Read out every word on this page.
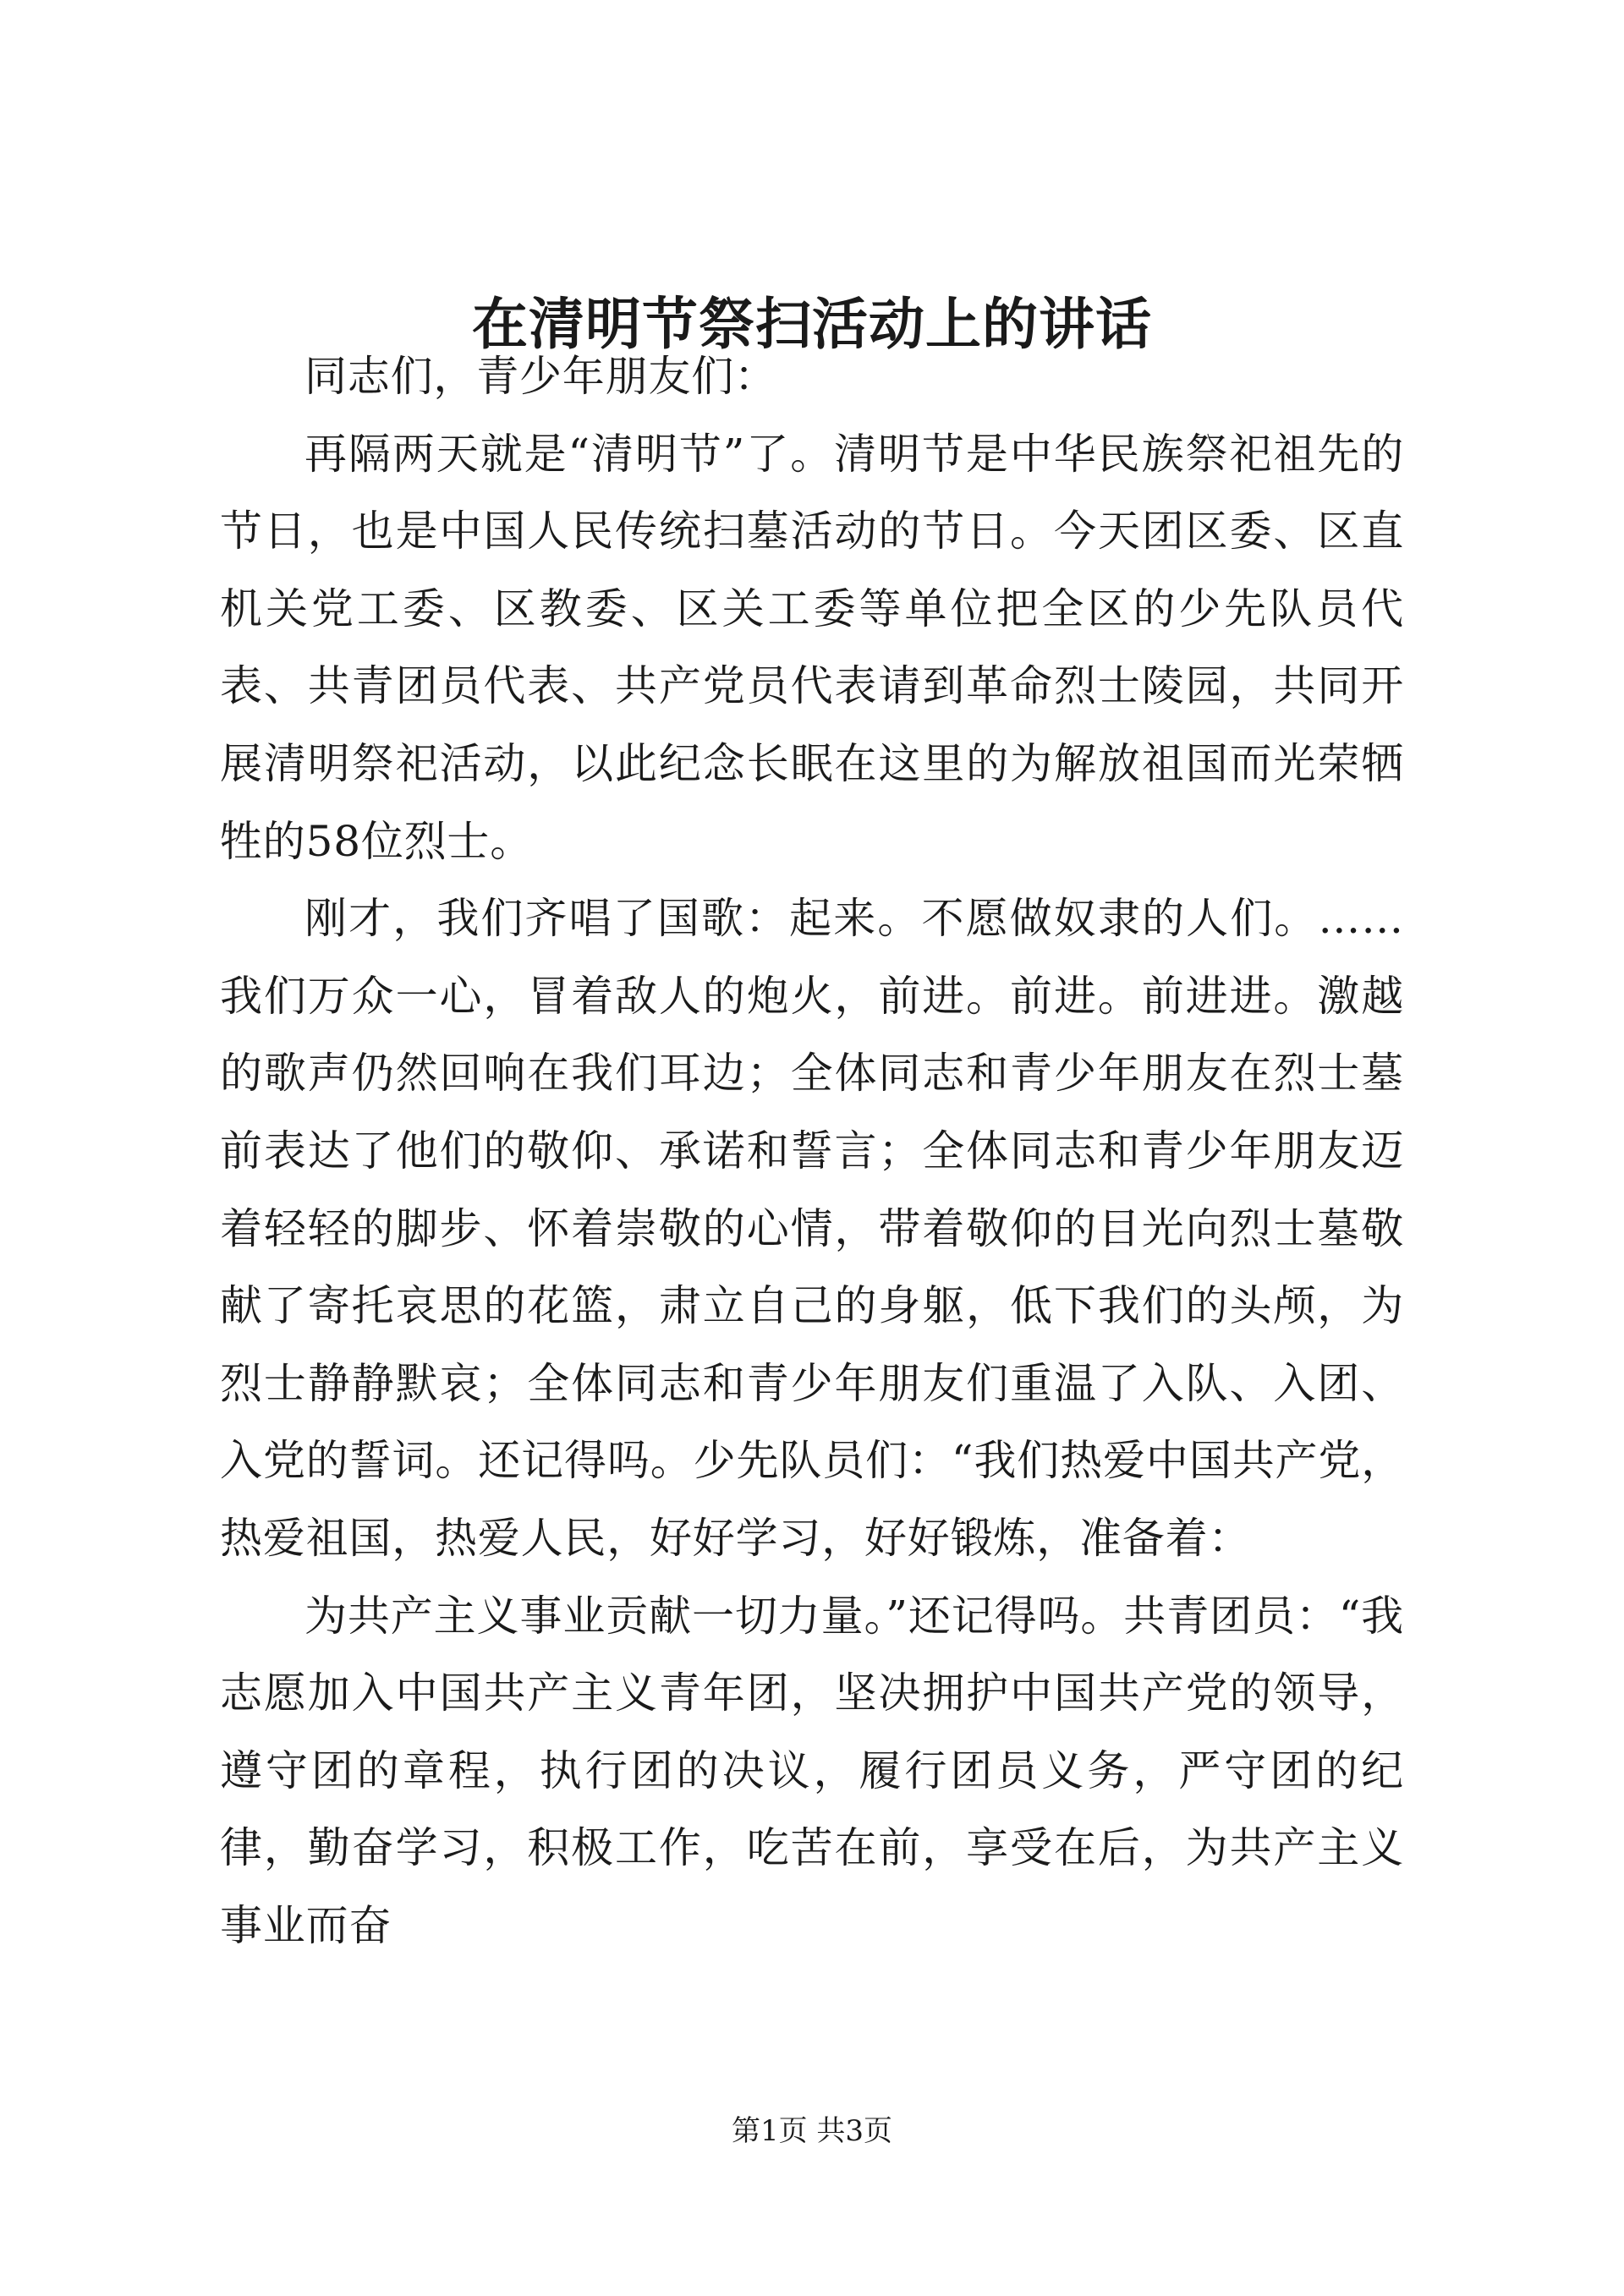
在清明节祭扫活动上的讲话

同志们，青少年朋友们：

再隔两天就是“清明节”了。清明节是中华民族祭祀祖先的节日，也是中国人民传统扫墓活动的节日。今天团区委、区直机关党工委、区教委、区关工委等单位把全区的少先队员代表、共青团员代表、共产党员代表请到革命烈士陵园，共同开展清明祭祀活动，以此纪念长眠在这里的为解放祖国而光荣牺牲的58位烈士。

刚才，我们齐唱了国歌：起来。不愿做奴隶的人们。……我们万众一心，冒着敌人的炮火，前进。前进。前进进。激越的歌声仍然回响在我们耳边；全体同志和青少年朋友在烈士墓前表达了他们的敬仰、承诺和誓言；全体同志和青少年朋友迈着轻轻的脚步、怀着崇敬的心情，带着敬仰的目光向烈士墓敬献了寄托哀思的花篮，肃立自己的身躯，低下我们的头颅，为烈士静静默哀；全体同志和青少年朋友们重温了入队、入团、入党的誓词。还记得吗。少先队员们：“我们热爱中国共产党，热爱祖国，热爱人民，好好学习，好好锻炼，准备着：

为共产主义事业贡献一切力量。”还记得吗。共青团员：“我志愿加入中国共产主义青年团，坚决拥护中国共产党的领导，遵守团的章程，执行团的决议，履行团员义务，严守团的纪律，勤奋学习，积极工作，吃苦在前，享受在后，为共产主义事业而奋

第1页 共3页
